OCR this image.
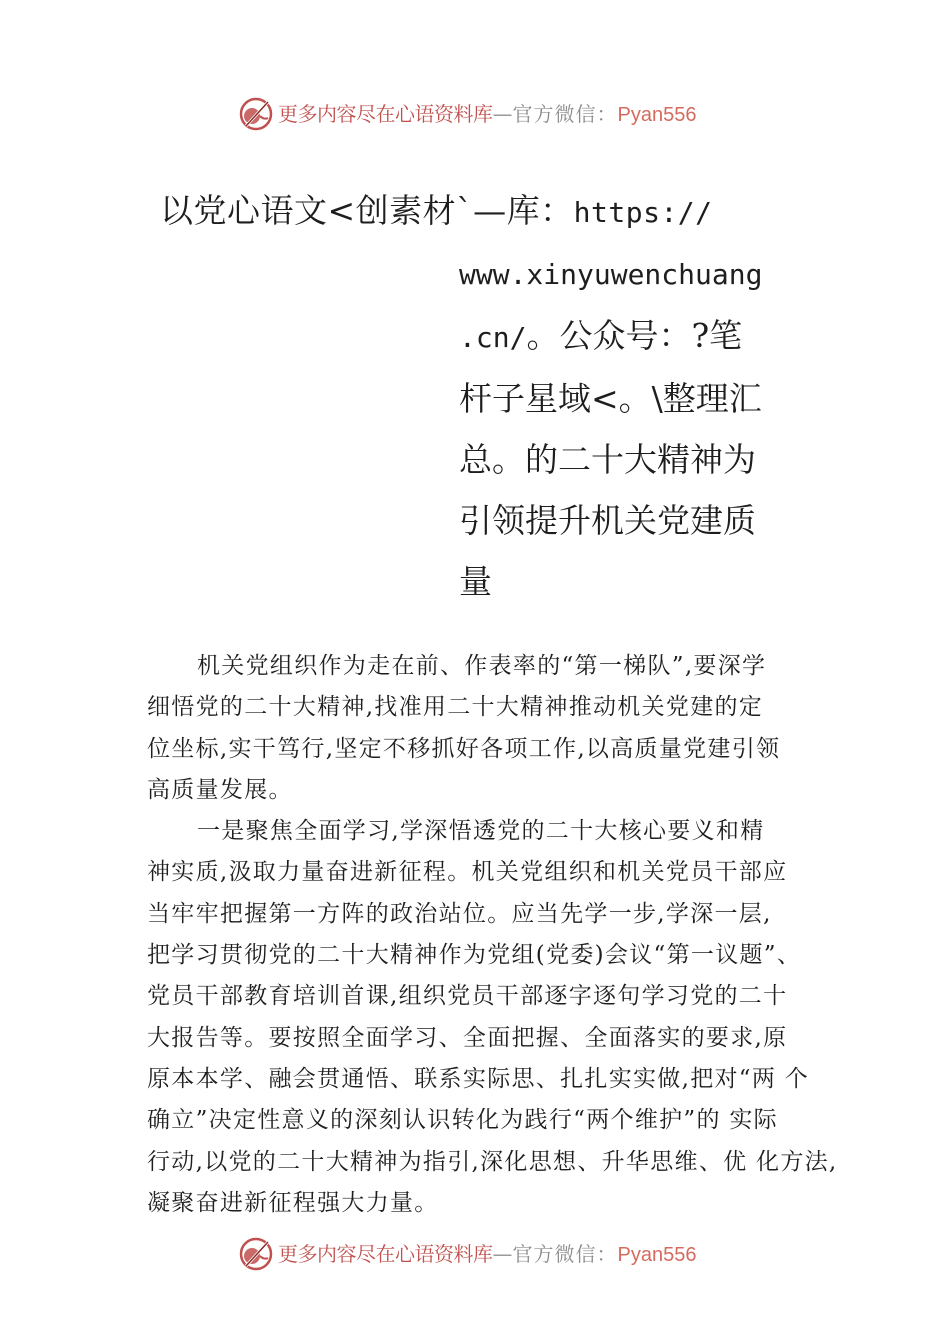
更多内容尽在心语资料库—官方微信：Pyan556
以党心语文<创素材`—库：https://
www.xinyuwenchuang
.cn/。公众号：?笔
杆子星域<。\整理汇
总。的二十大精神为
引领提升机关党建质
量
机关党组织作为走在前、作表率的“第一梯队”,要深学
细悟党的二十大精神,找准用二十大精神推动机关党建的定
位坐标,实干笃行,坚定不移抓好各项工作,以高质量党建引领
高质量发展。
一是聚焦全面学习,学深悟透党的二十大核心要义和精
神实质,汲取力量奋进新征程。机关党组织和机关党员干部应
当牢牢把握第一方阵的政治站位。应当先学一步,学深一层,
把学习贯彻党的二十大精神作为党组(党委)会议“第一议题”、
党员干部教育培训首课,组织党员干部逐字逐句学习党的二十
大报告等。要按照全面学习、全面把握、全面落实的要求,原
原本本学、融会贯通悟、联系实际思、扎扎实实做,把对“两 个
确立”决定性意义的深刻认识转化为践行“两个维护”的 实际
行动,以党的二十大精神为指引,深化思想、升华思维、优 化方法,
凝聚奋进新征程强大力量。
更多内容尽在心语资料库—官方微信：Pyan556
